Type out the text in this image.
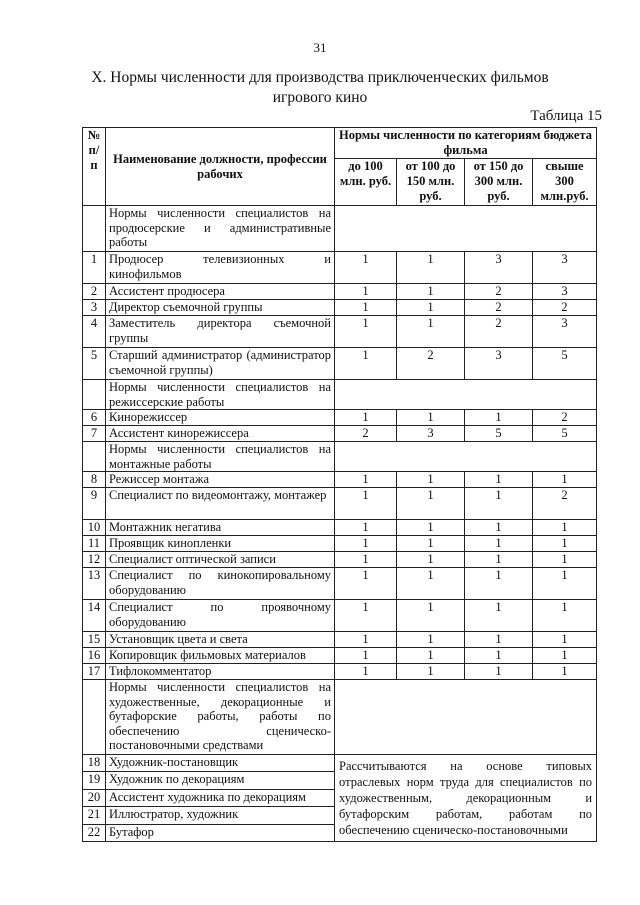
31
X. Нормы численности для производства приключенческих фильмов
игрового кино
Таблица 15
№ п/п	Наименование должности, профессии рабочих	Нормы численности по категориям бюджета фильма			
		до 100 млн. руб.	от 100 до 150 млн. руб.	от 150 до 300 млн. руб.	свыше 300 млн.руб.
	Нормы численности специалистов на продюсерские и административные работы				
1	Продюсер телевизионных и кинофильмов	1	1	3	3
2	Ассистент продюсера	1	1	2	3
3	Директор съемочной группы	1	1	2	2
4	Заместитель директора съемочной группы	1	1	2	3
5	Старший администратор (администратор съемочной группы)	1	2	3	5
	Нормы численности специалистов на режиссерские работы				
6	Кинорежиссер	1	1	1	2
7	Ассистент кинорежиссера	2	3	5	5
	Нормы численности специалистов на монтажные работы				
8	Режиссер монтажа	1	1	1	1
9	Специалист по видеомонтажу, монтажер	1	1	1	2
10	Монтажник негатива	1	1	1	1
11	Проявщик кинопленки	1	1	1	1
12	Специалист оптической записи	1	1	1	1
13	Специалист по кинокопировальному оборудованию	1	1	1	1
14	Специалист по проявочному оборудованию	1	1	1	1
15	Установщик цвета и света	1	1	1	1
16	Копировщик фильмовых материалов	1	1	1	1
17	Тифлокомментатор	1	1	1	1
	Нормы численности специалистов на художественные, декорационные и бутафорские работы, работы по обеспечению сценическо-постановочными средствами				
18	Художник-постановщик	Рассчитываются на основе типовых отраслевых норм труда для специалистов по художественным, декорационным и бутафорским работам, работам по обеспечению сценическо-постановочными			
19	Художник по декорациям				
20	Ассистент художника по декорациям				
21	Иллюстратор, художник				
22	Бутафор				
